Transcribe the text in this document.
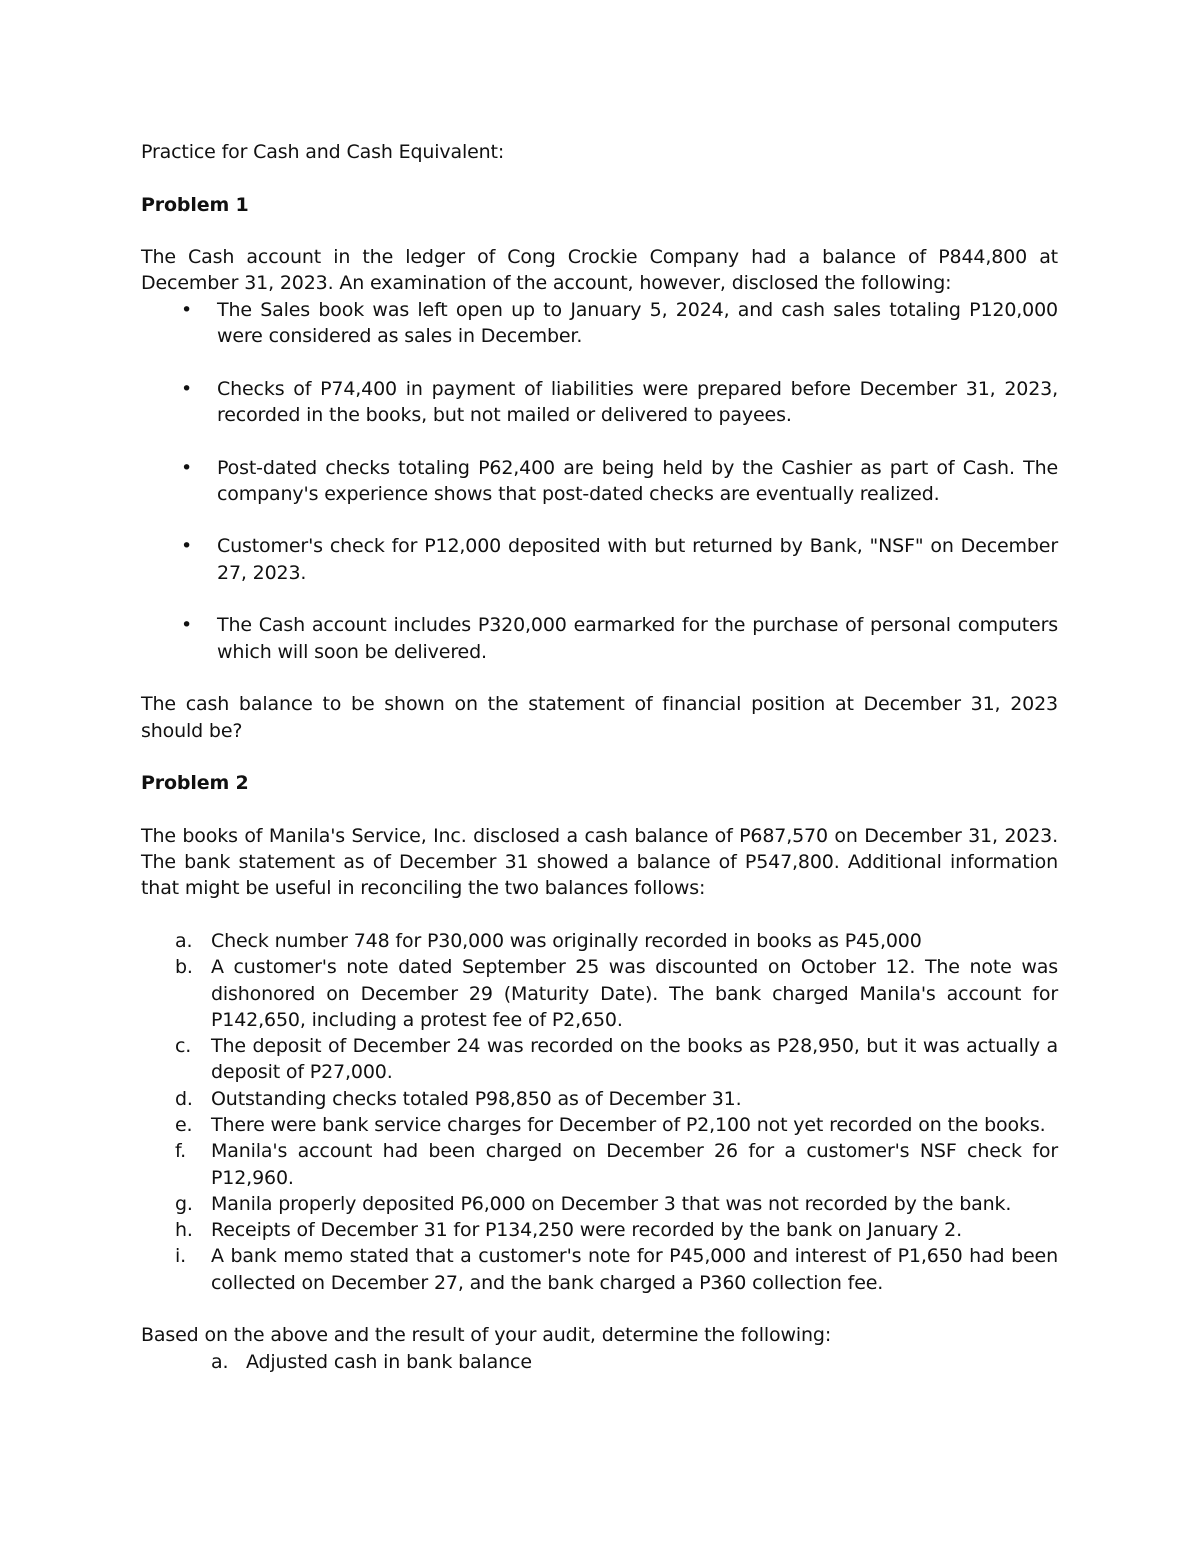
Practice for Cash and Cash Equivalent:

Problem 1

The Cash account in the ledger of Cong Crockie Company had a balance of P844,800 at December 31, 2023. An examination of the account, however, disclosed the following:

• The Sales book was left open up to January 5, 2024, and cash sales totaling P120,000 were considered as sales in December.
• Checks of P74,400 in payment of liabilities were prepared before December 31, 2023, recorded in the books, but not mailed or delivered to payees.
• Post-dated checks totaling P62,400 are being held by the Cashier as part of Cash. The company's experience shows that post-dated checks are eventually realized.
• Customer's check for P12,000 deposited with but returned by Bank, "NSF" on December 27, 2023.
• The Cash account includes P320,000 earmarked for the purchase of personal computers which will soon be delivered.

The cash balance to be shown on the statement of financial position at December 31, 2023 should be?

Problem 2

The books of Manila's Service, Inc. disclosed a cash balance of P687,570 on December 31, 2023. The bank statement as of December 31 showed a balance of P547,800. Additional information that might be useful in reconciling the two balances follows:

a. Check number 748 for P30,000 was originally recorded in books as P45,000
b. A customer's note dated September 25 was discounted on October 12. The note was dishonored on December 29 (Maturity Date). The bank charged Manila's account for P142,650, including a protest fee of P2,650.
c. The deposit of December 24 was recorded on the books as P28,950, but it was actually a deposit of P27,000.
d. Outstanding checks totaled P98,850 as of December 31.
e. There were bank service charges for December of P2,100 not yet recorded on the books.
f. Manila's account had been charged on December 26 for a customer's NSF check for P12,960.
g. Manila properly deposited P6,000 on December 3 that was not recorded by the bank.
h. Receipts of December 31 for P134,250 were recorded by the bank on January 2.
i. A bank memo stated that a customer's note for P45,000 and interest of P1,650 had been collected on December 27, and the bank charged a P360 collection fee.

Based on the above and the result of your audit, determine the following:

a. Adjusted cash in bank balance
